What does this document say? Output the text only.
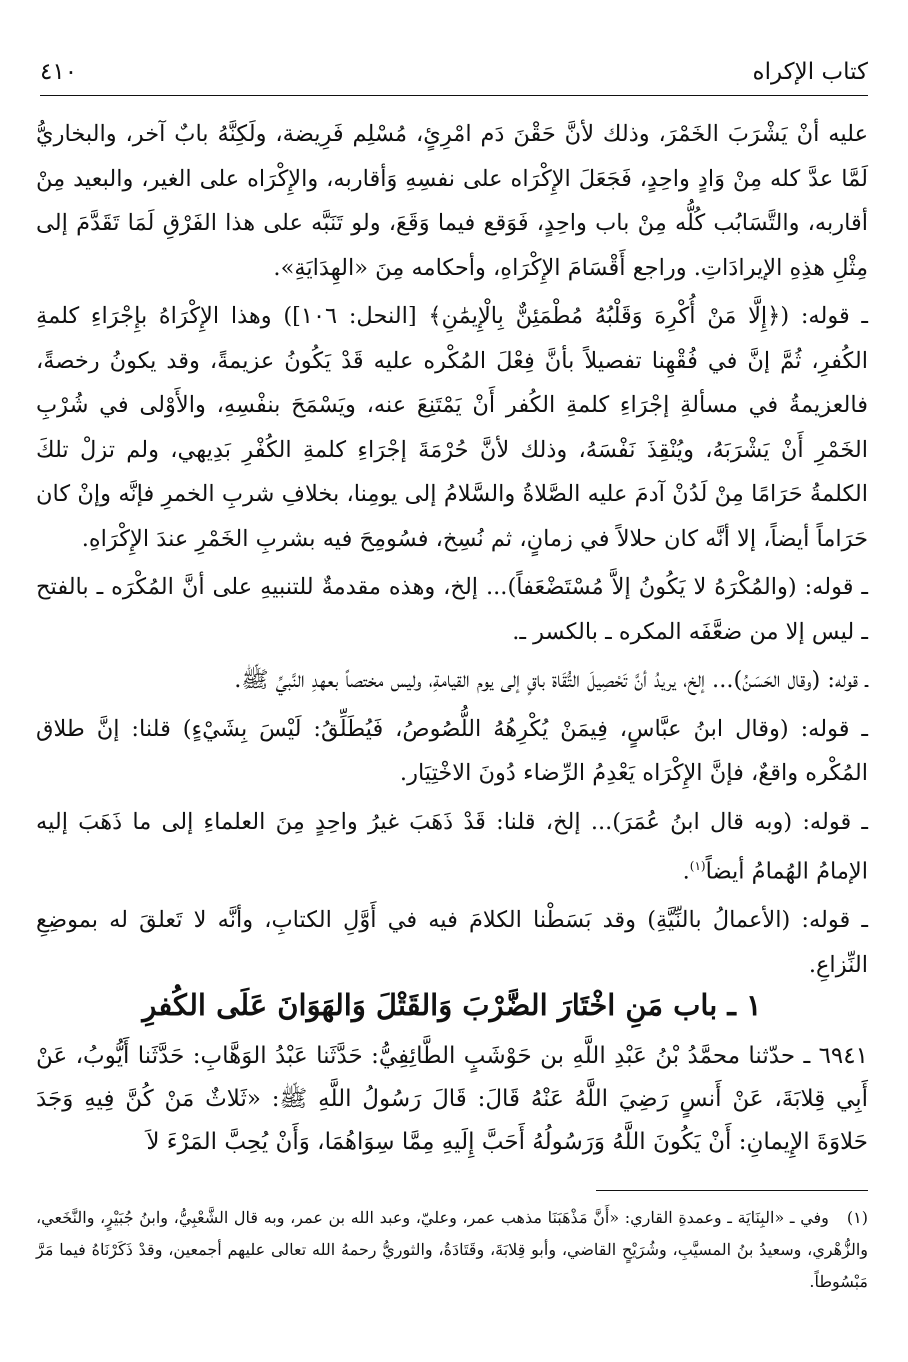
كتاب الإكراه
٤١٠

عليه أنْ يَشْرَبَ الخَمْرَ، وذلك لأنَّ حَقْنَ دَم امْرِئٍ، مُسْلِم فَرِيضة، ولَكِنَّهُ بابٌ آخر، والبخاريُّ لَمَّا عدَّ كله مِنْ وَادٍ واحِدٍ، فَجَعَلَ الإِكْرَاه على نفسِهِ وَأقاربه، والإِكْرَاه على الغير، والبعيد مِنْ أقاربه، والتَّسَابُب كُلُّه مِنْ باب واحِدٍ، فَوَقع فيما وَقَعَ، ولو تَنَبَّه على هذا الفَرْقِ لَمَا تَقَدَّمَ إلى مِثْلِ هذِهِ الإيرادَاتِ. وراجع أَقْسَامَ الإِكْرَاهِ، وأحكامه مِنَ «الهِدَايَةِ».

ـ قوله: (﴿إِلَّا مَنْ أُكْرِهَ وَقَلْبُهُ مُطْمَئِنٌّ بِالْإِيمَٰنِ﴾ [النحل: ١٠٦]) وهذا الإِكْرَاهُ بإِجْرَاءِ كلمةِ الكُفرِ، ثُمَّ إنَّ في فُقْهِنا تفصيلاً بأنَّ فِعْلَ المُكْره عليه قَدْ يَكُونُ عزيمةً، وقد يكونُ رخصةً، فالعزيمةُ في مسألةِ إجْرَاءِ كلمةِ الكُفر أَنْ يَمْتَنِعَ عنه، ويَسْمَحَ بنفْسِهِ، والأَوْلى في شُرْبِ الخَمْرِ أَنْ يَشْرَبَهُ، ويُنْقِذَ نَفْسَهُ، وذلك لأنَّ حُرْمَةَ إجْرَاءِ كلمةِ الكُفْرِ بَدِيهي، ولم تزلْ تلكَ الكلمةُ حَرَامًا مِنْ لَدُنْ آدمَ عليه الصَّلاةُ والسَّلامُ إلى يومِنا، بخلافِ شربِ الخمرِ فإنَّه وإنْ كان حَرَاماً أيضاً، إلا أنَّه كان حلالاً في زمانٍ، ثم نُسِخ، فسُومِحَ فيه بشربِ الخَمْرِ عندَ الإِكْرَاهِ.

ـ قوله: (والمُكْرَهُ لا يَكُونُ إلاَّ مُسْتَضْعَفاً)... إلخ، وهذه مقدمةٌ للتنبيهِ على أنَّ المُكْرَه ـ بالفتح ـ ليس إلا من ضعَّفَه المكره ـ بالكسر ـ.

ـ قوله: (وقال الحَسَنُ)... إلخ، يريدُ أنَّ تَحْصِيلَ التُّقَاة باقٍ إلى يوم القيامةِ، وليس مختصاً بعهدِ النَّبيِّ ﷺ.

ـ قوله: (وقال ابنُ عبَّاسٍ، فِيمَنْ يُكْرِهُهُ اللُّصُوصُ، فَيُطَلِّقُ: لَيْسَ بِشَيْءٍ) قلنا: إنَّ طلاق المُكْره واقعٌ، فإنَّ الإِكْرَاه يَعْدِمُ الرِّضاء دُونَ الاخْتِيَار.

ـ قوله: (وبه قال ابنُ عُمَرَ)... إلخ، قلنا: قَدْ ذَهَبَ غيرُ واحِدٍ مِنَ العلماءِ إلى ما ذَهَبَ إليه الإمامُ الهُمامُ أيضاً$^{(١)}$.

ـ قوله: (الأعمالُ بالنِّيَّةِ) وقد بَسَطْنا الكلامَ فيه في أَوَّلِ الكتابِ، وأنَّه لا تَعلقَ له بموضِعِ النِّزاعِ.

١ ـ باب مَنِ اخْتَارَ الضَّرْبَ وَالقَتْلَ وَالهَوَانَ عَلَى الكُفرِ
٦٩٤١ ـ حدّثنا محمَّدُ بْنُ عَبْدِ اللَّهِ بن حَوْشَبٍ الطَّائِفِيُّ: حَدَّثَنا عَبْدُ الوَهَّابِ: حَدَّثَنا أَيُّوبُ، عَنْ أَبِي قِلابَةَ، عَنْ أَنسٍ رَضِيَ اللَّهُ عَنْهُ قَالَ: قَالَ رَسُولُ اللَّهِ ﷺ: «ثَلاثٌ مَنْ كُنَّ فِيهِ وَجَدَ حَلاوَةَ الإِيمانِ: أَنْ يَكُونَ اللَّهُ وَرَسُولُهُ أَحَبَّ إِلَيهِ مِمَّا سِوَاهُمَا، وَأَنْ يُحِبَّ المَرْءَ لاَ
(١)وفي ـ «البِنَايَة ـ وعمدةِ القاري: «أَنَّ مَذْهَبَنَا مذهب عمر، وعليّ، وعبد الله بن عمر، وبه قال الشَّعْبِيُّ، وابنُ جُبَيْرٍ، والنَّخَعي، والزُّهْري، وسعيدُ بنُ المسيَّبِ، وشُرَيْحٍ القاضي، وأبو قِلابَةَ، وقَتَادَةُ، والثوريُّ رحمهُ الله تعالى عليهم أجمعين، وقدْ ذَكَرْنَاهُ فيما مَرَّ مَبْسُوطاً.
